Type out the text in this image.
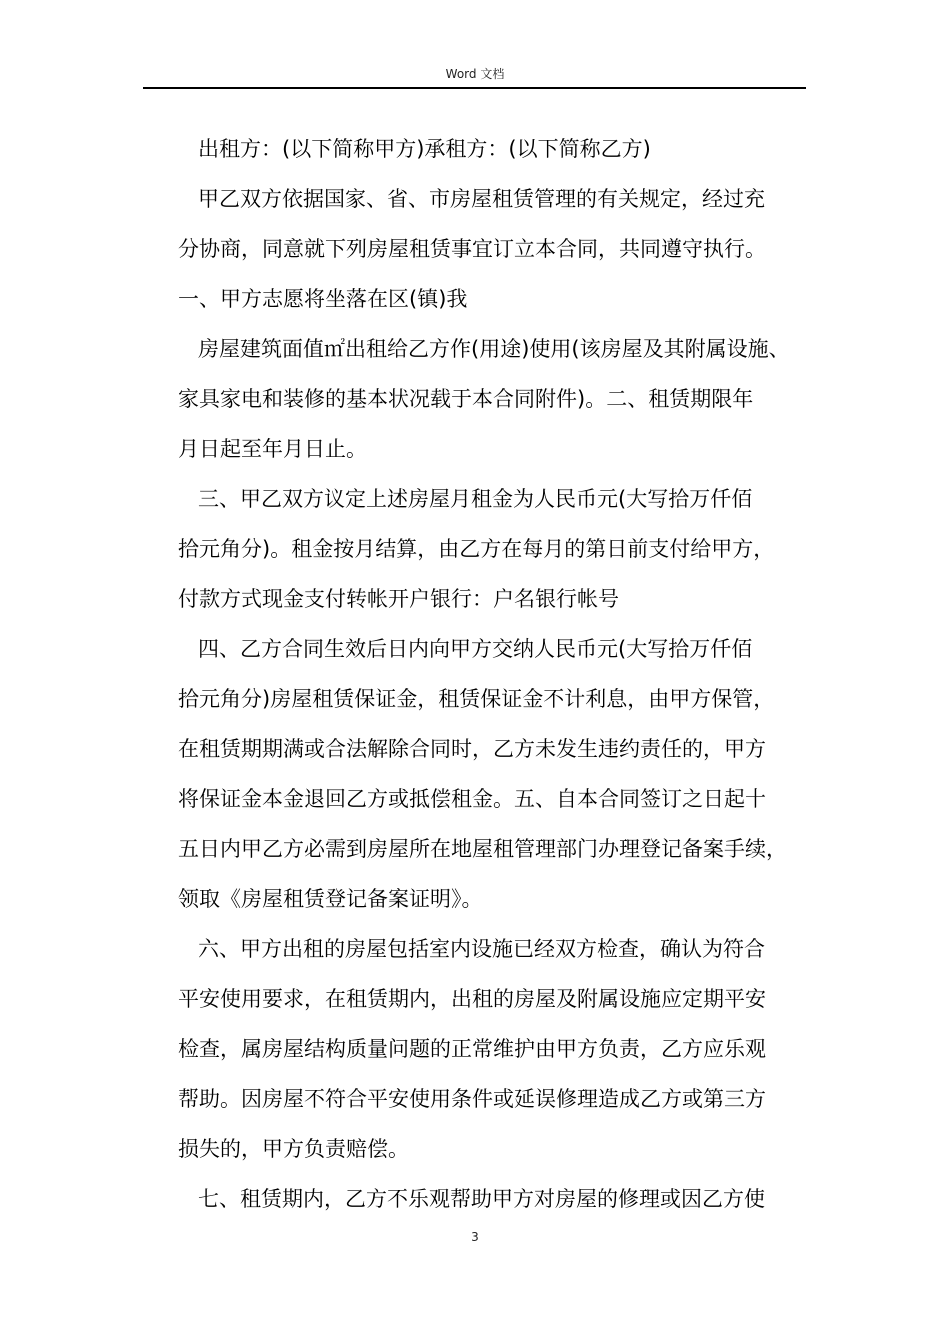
Word 文档
出租方：(以下简称甲方)承租方：(以下简称乙方)
甲乙双方依据国家、省、市房屋租赁管理的有关规定，经过充
分协商，同意就下列房屋租赁事宜订立本合同，共同遵守执行。
一、甲方志愿将坐落在区(镇)我
房屋建筑面值㎡出租给乙方作(用途)使用(该房屋及其附属设施、
家具家电和装修的基本状况载于本合同附件)。二、租赁期限年
月日起至年月日止。
三、甲乙双方议定上述房屋月租金为人民币元(大写拾万仟佰
拾元角分)。租金按月结算，由乙方在每月的第日前支付给甲方，
付款方式现金支付转帐开户银行：户名银行帐号
四、乙方合同生效后日内向甲方交纳人民币元(大写拾万仟佰
拾元角分)房屋租赁保证金，租赁保证金不计利息，由甲方保管，
在租赁期期满或合法解除合同时，乙方未发生违约责任的，甲方
将保证金本金退回乙方或抵偿租金。五、自本合同签订之日起十
五日内甲乙方必需到房屋所在地屋租管理部门办理登记备案手续，
领取《房屋租赁登记备案证明》。
六、甲方出租的房屋包括室内设施已经双方检查，确认为符合
平安使用要求，在租赁期内，出租的房屋及附属设施应定期平安
检查，属房屋结构质量问题的正常维护由甲方负责，乙方应乐观
帮助。因房屋不符合平安使用条件或延误修理造成乙方或第三方
损失的，甲方负责赔偿。
七、租赁期内，乙方不乐观帮助甲方对房屋的修理或因乙方使
3
